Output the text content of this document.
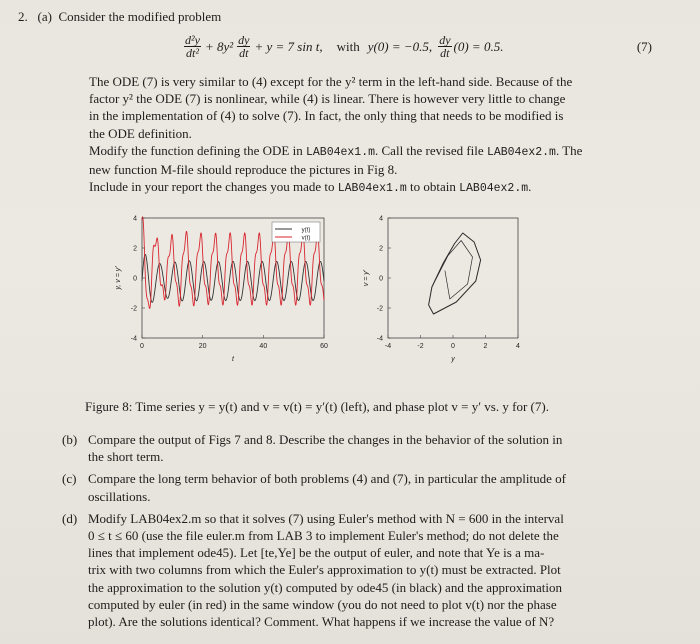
2. (a) Consider the modified problem
$\frac{\text{d²y}}{\text{dt²}} + 8y^2 \frac{dy}{dt} + y = 7$ sin t, with y(0) = −0.5, $\frac{dy}{dt} (0) = 0.5$.	(7)
The ODE (7) is very similar to (4) except for the y² term in the left-hand side. Because of the
factor y² the ODE (7) is nonlinear, while (4) is linear. There is however very little to change
in the implementation of (4) to solve (7). In fact, the only thing that needs to be modified is
the ODE definition.
Modify the function defining the ODE in LAB04ex1.m. Call the revised file LAB04ex2.m. The
new function M-file should reproduce the pictures in Fig 8.
Include in your report the changes you made to LAB04ex1.m to obtain LAB04ex2.m.
0	20	40	60
-4
-2
0
2
4
t
y, v = y'
y(t)
v(t)
-4	-2	0	2	4
-4
-2
0
2
4
y
v = y'
Figure 8: Time series y = y(t) and v = v(t) = y′(t) (left), and phase plot v = y′ vs. y for (7).
(b) Compare the output of Figs 7 and 8. Describe the changes in the behavior of the solution in
the short term.
(c) Compare the long term behavior of both problems (4) and (7), in particular the amplitude of
oscillations.
(d) Modify LAB04ex2.m so that it solves (7) using Euler's method with N = 600 in the interval
0 ≤ t ≤ 60 (use the file euler.m from LAB 3 to implement Euler's method; do not delete the
lines that implement ode45). Let [te,Ye] be the output of euler, and note that Ye is a ma-
trix with two columns from which the Euler's approximation to y(t) must be extracted. Plot
the approximation to the solution y(t) computed by ode45 (in black) and the approximation
computed by euler (in red) in the same window (you do not need to plot v(t) nor the phase
plot). Are the solutions identical? Comment. What happens if we increase the value of N?
